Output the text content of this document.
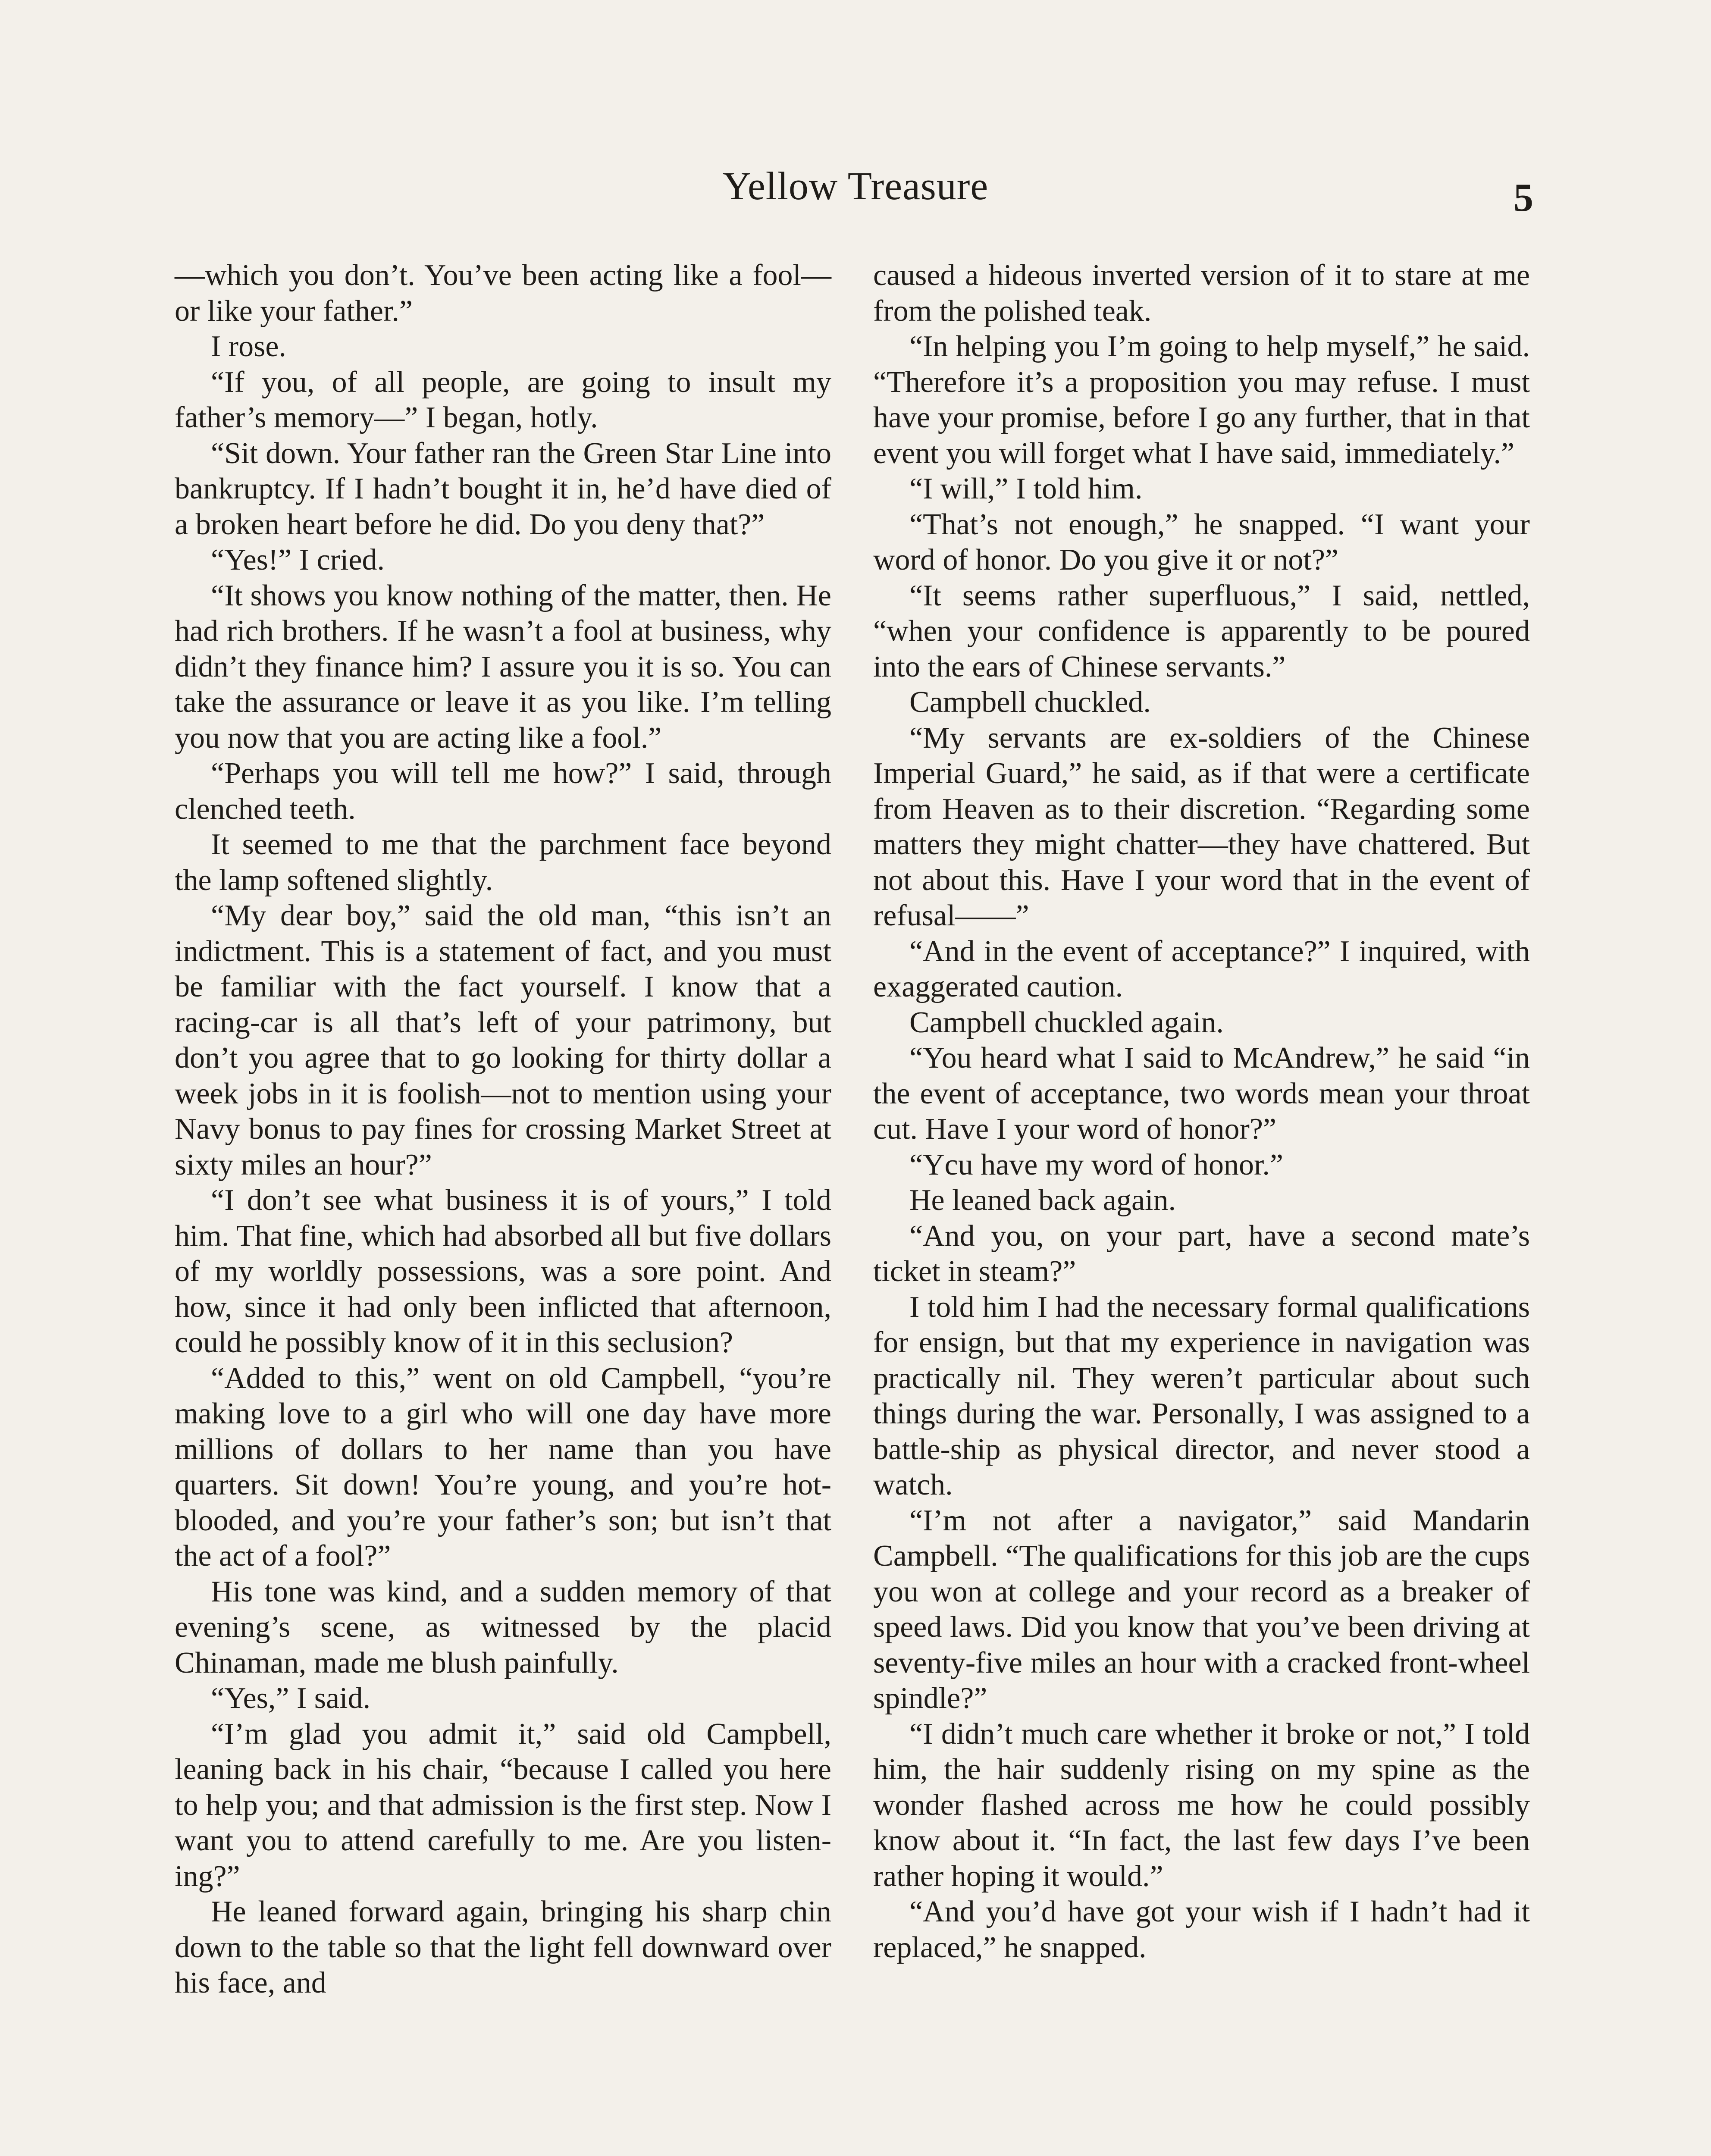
Yellow Treasure	5

—which you don’t. You’ve been acting like a fool—or like your father.”

I rose.

“If you, of all people, are going to insult my father’s memory—” I began, hotly.

“Sit down. Your father ran the Green Star Line into bankruptcy. If I hadn’t bought it in, he’d have died of a broken heart before he did. Do you deny that?”

“Yes!” I cried.

“It shows you know nothing of the matter, then. He had rich brothers. If he wasn’t a fool at business, why didn’t they finance him? I assure you it is so. You can take the assurance or leave it as you like. I’m telling you now that you are acting like a fool.”

“Perhaps you will tell me how?” I said, through clenched teeth.

It seemed to me that the parchment face beyond the lamp softened slightly.

“My dear boy,” said the old man, “this isn’t an indictment. This is a statement of fact, and you must be familiar with the fact yourself. I know that a racing-car is all that’s left of your patrimony, but don’t you agree that to go looking for thirty dollar a week jobs in it is foolish—not to mention using your Navy bonus to pay fines for crossing Market Street at sixty miles an hour?”

“I don’t see what business it is of yours,” I told him. That fine, which had absorbed all but five dollars of my worldly possessions, was a sore point. And how, since it had only been inflicted that afternoon, could he possibly know of it in this seclusion?

“Added to this,” went on old Campbell, “you’re making love to a girl who will one day have more millions of dollars to her name than you have quarters. Sit down! You’re young, and you’re hot-blooded, and you’re your father’s son; but isn’t that the act of a fool?”

His tone was kind, and a sudden memory of that evening’s scene, as witnessed by the placid Chinaman, made me blush painfully.

“Yes,” I said.

“I’m glad you admit it,” said old Campbell, leaning back in his chair, “because I called you here to help you; and that admission is the first step. Now I want you to attend carefully to me. Are you listening?”

He leaned forward again, bringing his sharp chin down to the table so that the light fell downward over his face, and

caused a hideous inverted version of it to stare at me from the polished teak.

“In helping you I’m going to help myself,” he said. “Therefore it’s a proposition you may refuse. I must have your promise, before I go any further, that in that event you will forget what I have said, immediately.”

“I will,” I told him.

“That’s not enough,” he snapped. “I want your word of honor. Do you give it or not?”

“It seems rather superfluous,” I said, nettled, “when your confidence is apparently to be poured into the ears of Chinese servants.”

Campbell chuckled.

“My servants are ex-soldiers of the Chinese Imperial Guard,” he said, as if that were a certificate from Heaven as to their discretion. “Regarding some matters they might chatter—they have chattered. But not about this. Have I your word that in the event of refusal——”

“And in the event of acceptance?” I inquired, with exaggerated caution.

Campbell chuckled again.

“You heard what I said to McAndrew,” he said “in the event of acceptance, two words mean your throat cut. Have I your word of honor?”

“Ycu have my word of honor.”

He leaned back again.

“And you, on your part, have a second mate’s ticket in steam?”

I told him I had the necessary formal qualifications for ensign, but that my experience in navigation was practically nil. They weren’t particular about such things during the war. Personally, I was assigned to a battle-ship as physical director, and never stood a watch.

“I’m not after a navigator,” said Mandarin Campbell. “The qualifications for this job are the cups you won at college and your record as a breaker of speed laws. Did you know that you’ve been driving at seventy-five miles an hour with a cracked front-wheel spindle?”

“I didn’t much care whether it broke or not,” I told him, the hair suddenly rising on my spine as the wonder flashed across me how he could possibly know about it. “In fact, the last few days I’ve been rather hoping it would.”

“And you’d have got your wish if I hadn’t had it replaced,” he snapped.
